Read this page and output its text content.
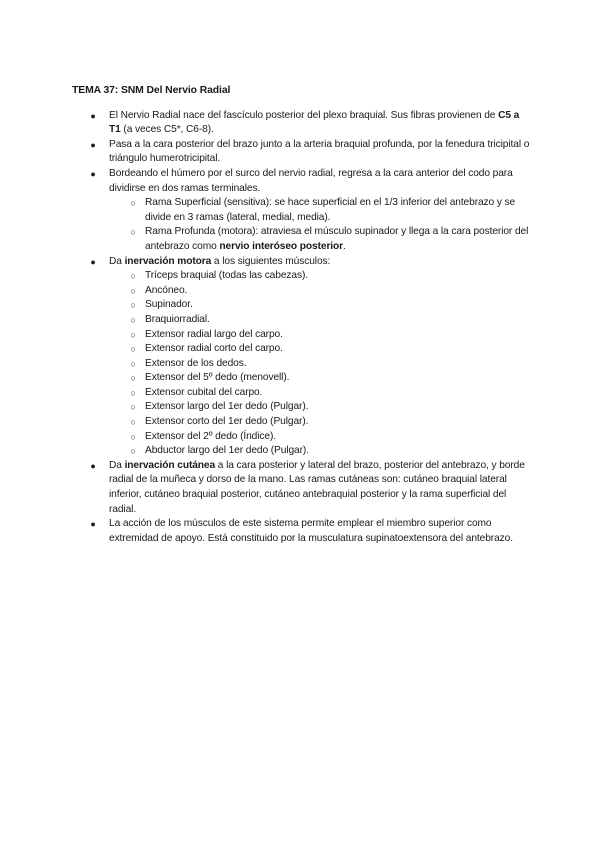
TEMA 37: SNM Del Nervio Radial
● El Nervio Radial nace del fascículo posterior del plexo braquial. Sus fibras provienen de C5 a T1 (a veces C5*, C6-8).
● Pasa a la cara posterior del brazo junto a la arteria braquial profunda, por la fenedura tricipital o triángulo humerotricipital.
● Bordeando el húmero por el surco del nervio radial, regresa a la cara anterior del codo para dividirse en dos ramas terminales.
○ Rama Superficial (sensitiva): se hace superficial en el 1/3 inferior del antebrazo y se divide en 3 ramas (lateral, medial, media).
○ Rama Profunda (motora): atraviesa el músculo supinador y llega a la cara posterior del antebrazo como nervio interóseo posterior.
● Da inervación motora a los siguientes músculos:
○ Tríceps braquial (todas las cabezas).
○ Ancóneo.
○ Supinador.
○ Braquiorradial.
○ Extensor radial largo del carpo.
○ Extensor radial corto del carpo.
○ Extensor de los dedos.
○ Extensor del 5º dedo (menovell).
○ Extensor cubital del carpo.
○ Extensor largo del 1er dedo (Pulgar).
○ Extensor corto del 1er dedo (Pulgar).
○ Extensor del 2º dedo (Índice).
○ Abductor largo del 1er dedo (Pulgar).
● Da inervación cutánea a la cara posterior y lateral del brazo, posterior del antebrazo, y borde radial de la muñeca y dorso de la mano. Las ramas cutáneas son: cutáneo braquial lateral inferior, cutáneo braquial posterior, cutáneo antebraquial posterior y la rama superficial del radial.
● La acción de los músculos de este sistema permite emplear el miembro superior como extremidad de apoyo. Está constituido por la musculatura supinatoextensora del antebrazo.
